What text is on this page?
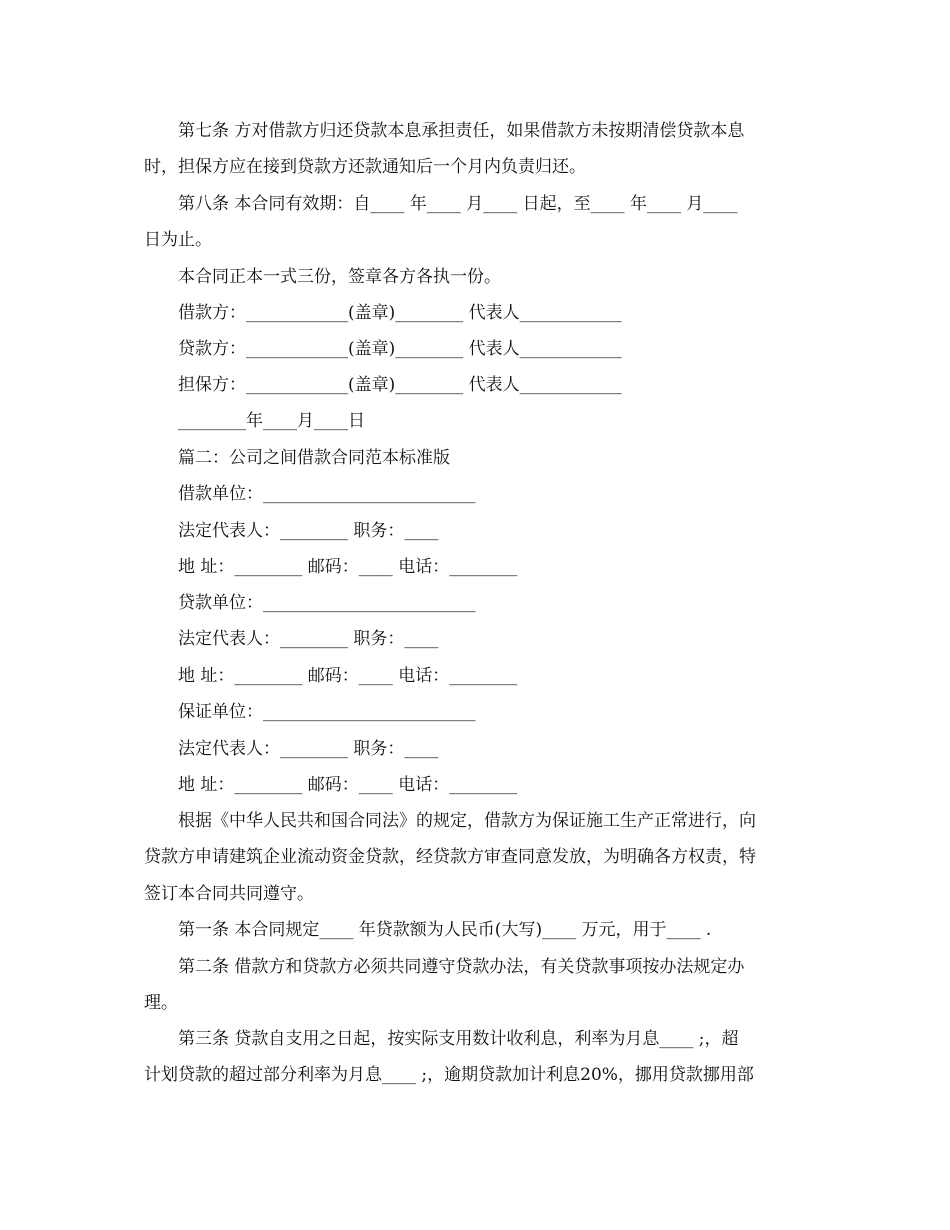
第七条 方对借款方归还贷款本息承担责任，如果借款方未按期清偿贷款本息
时，担保方应在接到贷款方还款通知后一个月内负责归还。
第八条 本合同有效期：自____ 年____ 月____ 日起，至____ 年____ 月____
日为止。
本合同正本一式三份，签章各方各执一份。
借款方：____________(盖章)________ 代表人____________
贷款方：____________(盖章)________ 代表人____________
担保方：____________(盖章)________ 代表人____________
________年____月____日
篇二：公司之间借款合同范本标准版
借款单位：_________________________
法定代表人：________ 职务：____
地 址：________ 邮码：____ 电话：________
贷款单位：_________________________
法定代表人：________ 职务：____
地 址：________ 邮码：____ 电话：________
保证单位：_________________________
法定代表人：________ 职务：____
地 址：________ 邮码：____ 电话：________
根据《中华人民共和国合同法》的规定，借款方为保证施工生产正常进行，向
贷款方申请建筑企业流动资金贷款，经贷款方审查同意发放，为明确各方权责，特
签订本合同共同遵守。
第一条 本合同规定____ 年贷款额为人民币(大写)____ 万元，用于____ .
第二条 借款方和贷款方必须共同遵守贷款办法，有关贷款事项按办法规定办
理。
第三条 贷款自支用之日起，按实际支用数计收利息，利率为月息____ ;，超
计划贷款的超过部分利率为月息____ ;，逾期贷款加计利息20%，挪用贷款挪用部
